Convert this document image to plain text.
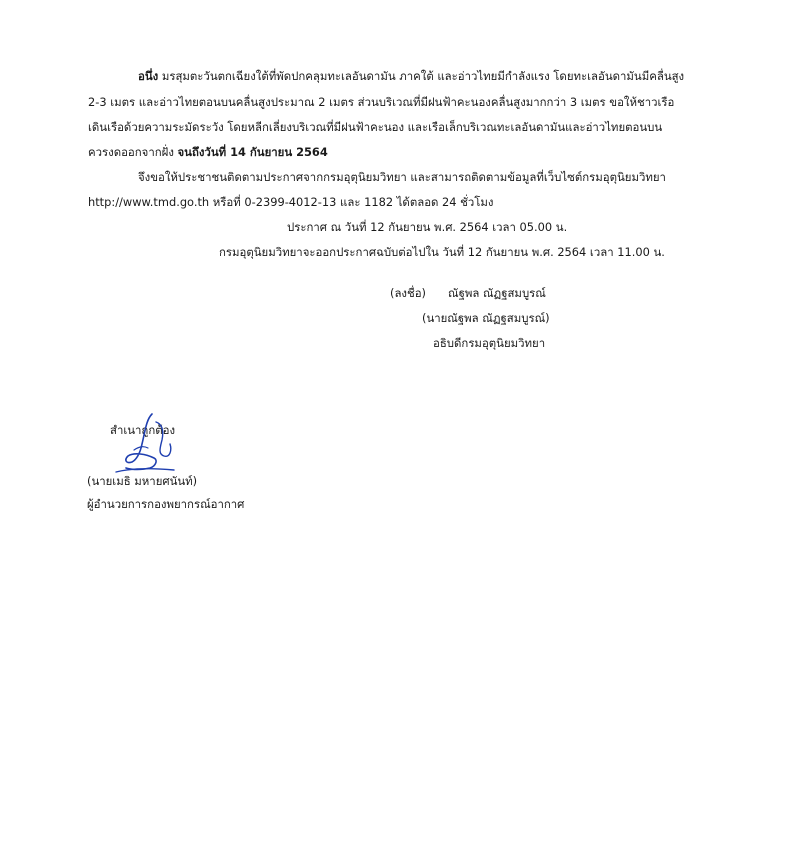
อนึ่ง มรสุมตะวันตกเฉียงใต้ที่พัดปกคลุมทะเลอันดามัน ภาคใต้ และอ่าวไทยมีกำลังแรง โดยทะเลอันดามันมีคลื่นสูง
2-3 เมตร และอ่าวไทยตอนบนคลื่นสูงประมาณ 2 เมตร ส่วนบริเวณที่มีฝนฟ้าคะนองคลื่นสูงมากกว่า 3 เมตร ขอให้ชาวเรือ
เดินเรือด้วยความระมัดระวัง โดยหลีกเลี่ยงบริเวณที่มีฝนฟ้าคะนอง และเรือเล็กบริเวณทะเลอันดามันและอ่าวไทยตอนบน
ควรงดออกจากฝั่ง จนถึงวันที่ 14 กันยายน 2564
จึงขอให้ประชาชนติดตามประกาศจากกรมอุตุนิยมวิทยา และสามารถติดตามข้อมูลที่เว็บไซต์กรมอุตุนิยมวิทยา
http://www.tmd.go.th หรือที่ 0-2399-4012-13 และ 1182 ได้ตลอด 24 ชั่วโมง
ประกาศ ณ วันที่ 12 กันยายน พ.ศ. 2564 เวลา 05.00 น.
กรมอุตุนิยมวิทยาจะออกประกาศฉบับต่อไปใน วันที่ 12 กันยายน พ.ศ. 2564 เวลา 11.00 น.
(ลงชื่อ) ณัฐพล ณัฏฐสมบูรณ์
(นายณัฐพล ณัฏฐสมบูรณ์)
อธิบดีกรมอุตุนิยมวิทยา
สำเนาถูกต้อง
(นายเมธิ มหายศนันท์)
ผู้อำนวยการกองพยากรณ์อากาศ
